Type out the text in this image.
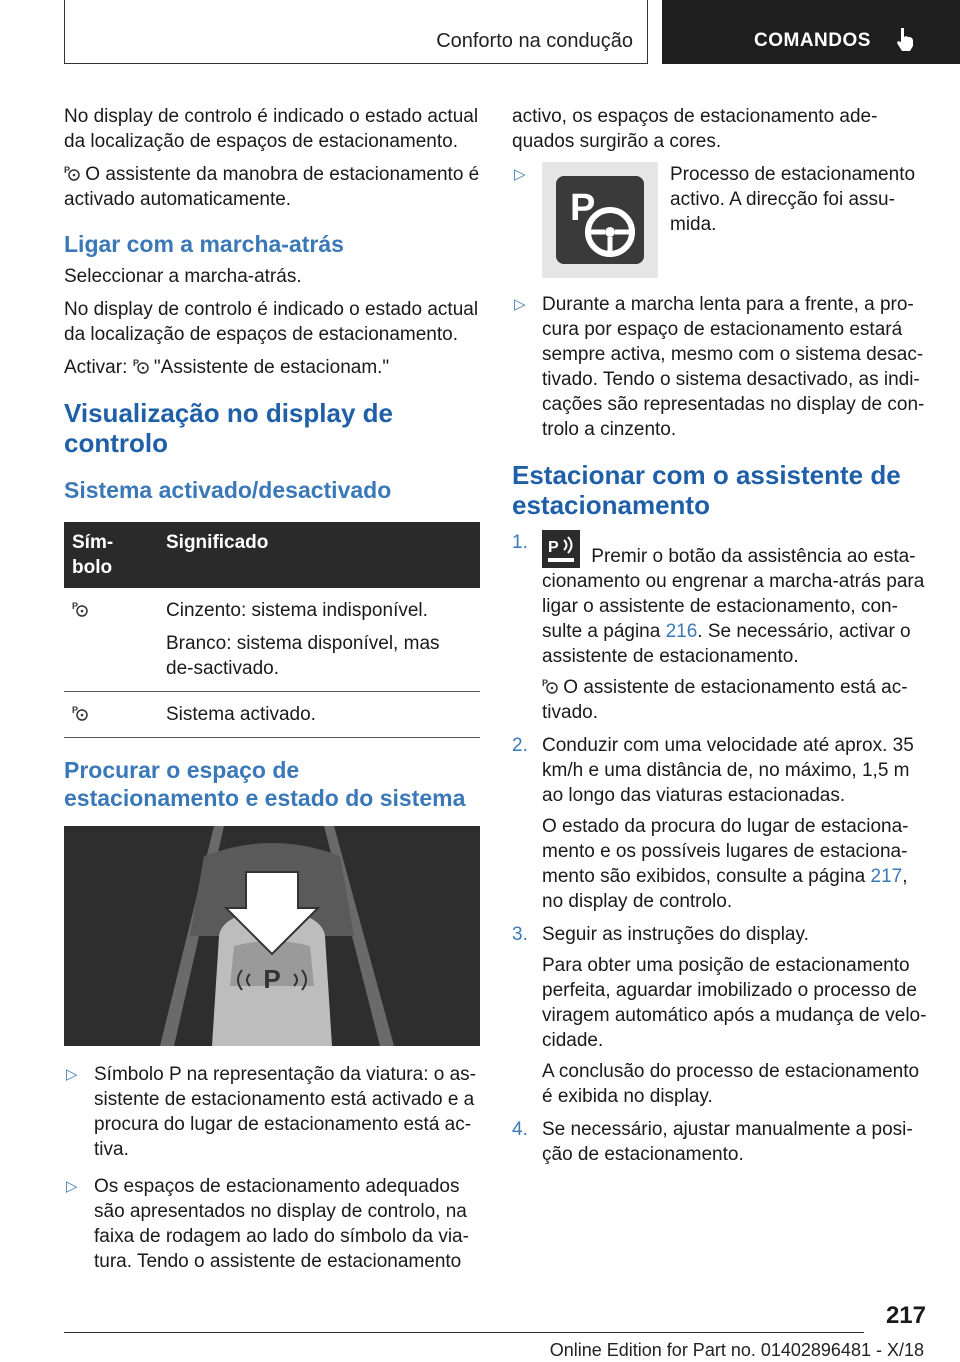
Conforto na condução	COMANDOS

No display de controlo é indicado o estado actual da localização de espaços de estacionamento.

P O assistente da manobra de estacionamento é activado automaticamente.

Ligar com a marcha-atrás

Seleccionar a marcha-atrás.

No display de controlo é indicado o estado actual da localização de espaços de estacionamento.

Activar: P "Assistente de estacionam."

Visualização no display de controlo
Sistema activado/desactivado
Sím-bolo	Significado

P	Cinzento: sistema indisponível.

Branco: sistema disponível, mas de-sactivado.

P	Sistema activado.
Procurar o espaço de estacionamento e estado do sistema
P
▷ Símbolo P na representação da viatura: o as-sistente de estacionamento está activado e a procura do lugar de estacionamento está ac-tiva.
▷ Os espaços de estacionamento adequados são apresentados no display de controlo, na faixa de rodagem ao lado do símbolo da via-tura. Tendo o assistente de estacionamento

activo, os espaços de estacionamento ade-quados surgirão a cores.

▷
P
Processo de estacionamento activo. A direcção foi assu-mida.
▷ Durante a marcha lenta para a frente, a pro-cura por espaço de estacionamento estará sempre activa, mesmo com o sistema desac-tivado. Tendo o sistema desactivado, as indi-cações são representadas no display de con-trolo a cinzento.
Estacionar com o assistente de estacionamento
1. P Premir o botão da assistência ao esta-cionamento ou engrenar a marcha-atrás para ligar o assistente de estacionamento, con-sulte a página 216. Se necessário, activar o assistente de estacionamento.

P O assistente de estacionamento está ac-tivado.

2. Conduzir com uma velocidade até aprox. 35 km/h e uma distância de, no máximo, 1,5 m ao longo das viaturas estacionadas.

O estado da procura do lugar de estaciona-mento e os possíveis lugares de estaciona-mento são exibidos, consulte a página 217, no display de controlo.

3. Seguir as instruções do display.

Para obter uma posição de estacionamento perfeita, aguardar imobilizado o processo de viragem automático após a mudança de velo-cidade.

A conclusão do processo de estacionamento é exibida no display.

4. Se necessário, ajustar manualmente a posi-ção de estacionamento.

217
Online Edition for Part no. 01402896481 - X/18
